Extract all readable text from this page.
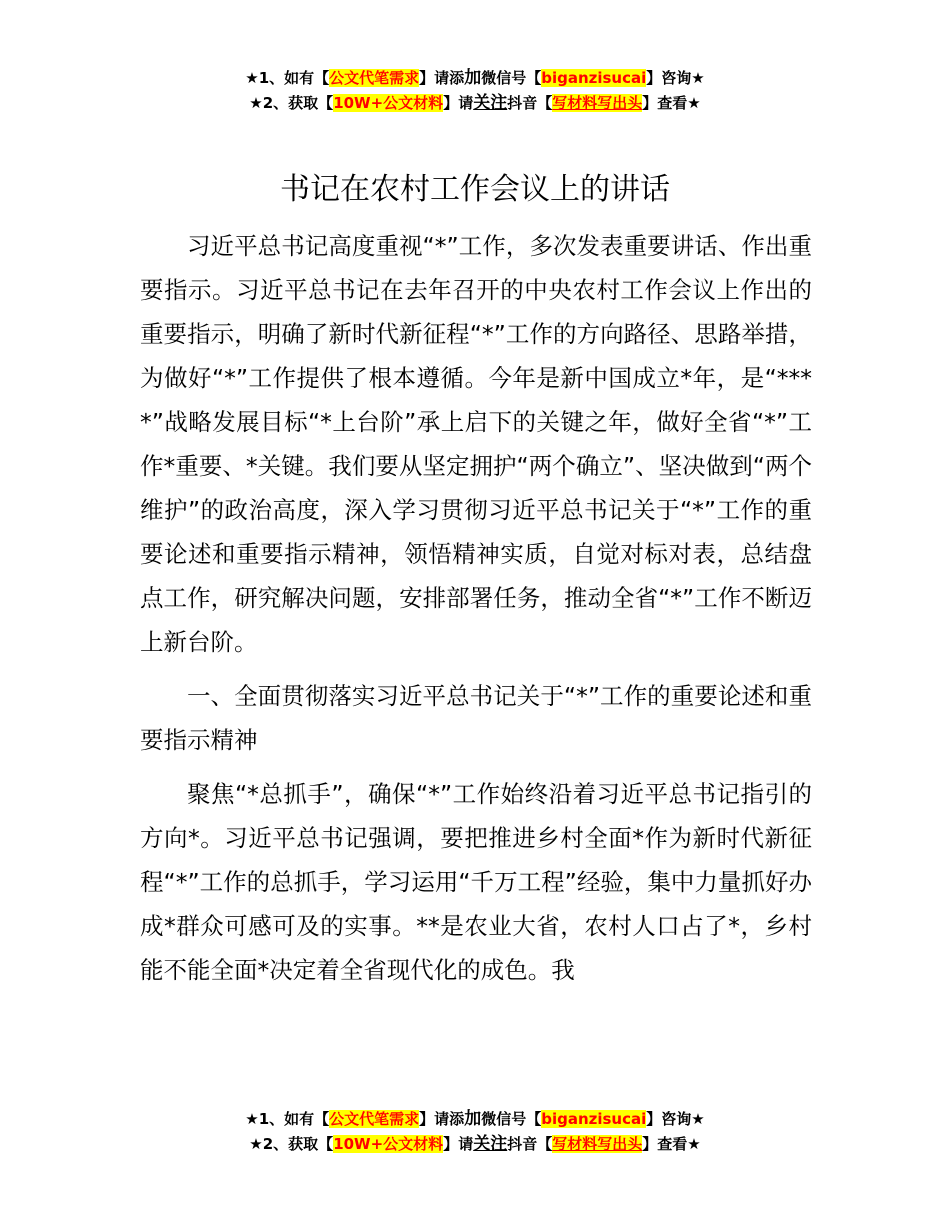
★1、如有【公文代笔需求】请添加微信号【biganzisucai】咨询★
★2、获取【10W+公文材料】请关注抖音【写材料写出头】查看★
书记在农村工作会议上的讲话

习近平总书记高度重视“*”工作，多次发表重要讲话、作出重要指示。习近平总书记在去年召开的中央农村工作会议上作出的重要指示，明确了新时代新征程“*”工作的方向路径、思路举措，为做好“*”工作提供了根本遵循。今年是新中国成立*年，是“****”战略发展目标“*上台阶”承上启下的关键之年，做好全省“*”工作*重要、*关键。我们要从坚定拥护“两个确立”、坚决做到“两个维护”的政治高度，深入学习贯彻习近平总书记关于“*”工作的重要论述和重要指示精神，领悟精神实质，自觉对标对表，总结盘点工作，研究解决问题，安排部署任务，推动全省“*”工作不断迈上新台阶。

一、全面贯彻落实习近平总书记关于“*”工作的重要论述和重要指示精神

聚焦“*总抓手”，确保“*”工作始终沿着习近平总书记指引的方向*。习近平总书记强调，要把推进乡村全面*作为新时代新征程“*”工作的总抓手，学习运用“千万工程”经验，集中力量抓好办成*群众可感可及的实事。**是农业大省，农村人口占了*，乡村能不能全面*决定着全省现代化的成色。我

★1、如有【公文代笔需求】请添加微信号【biganzisucai】咨询★
★2、获取【10W+公文材料】请关注抖音【写材料写出头】查看★
